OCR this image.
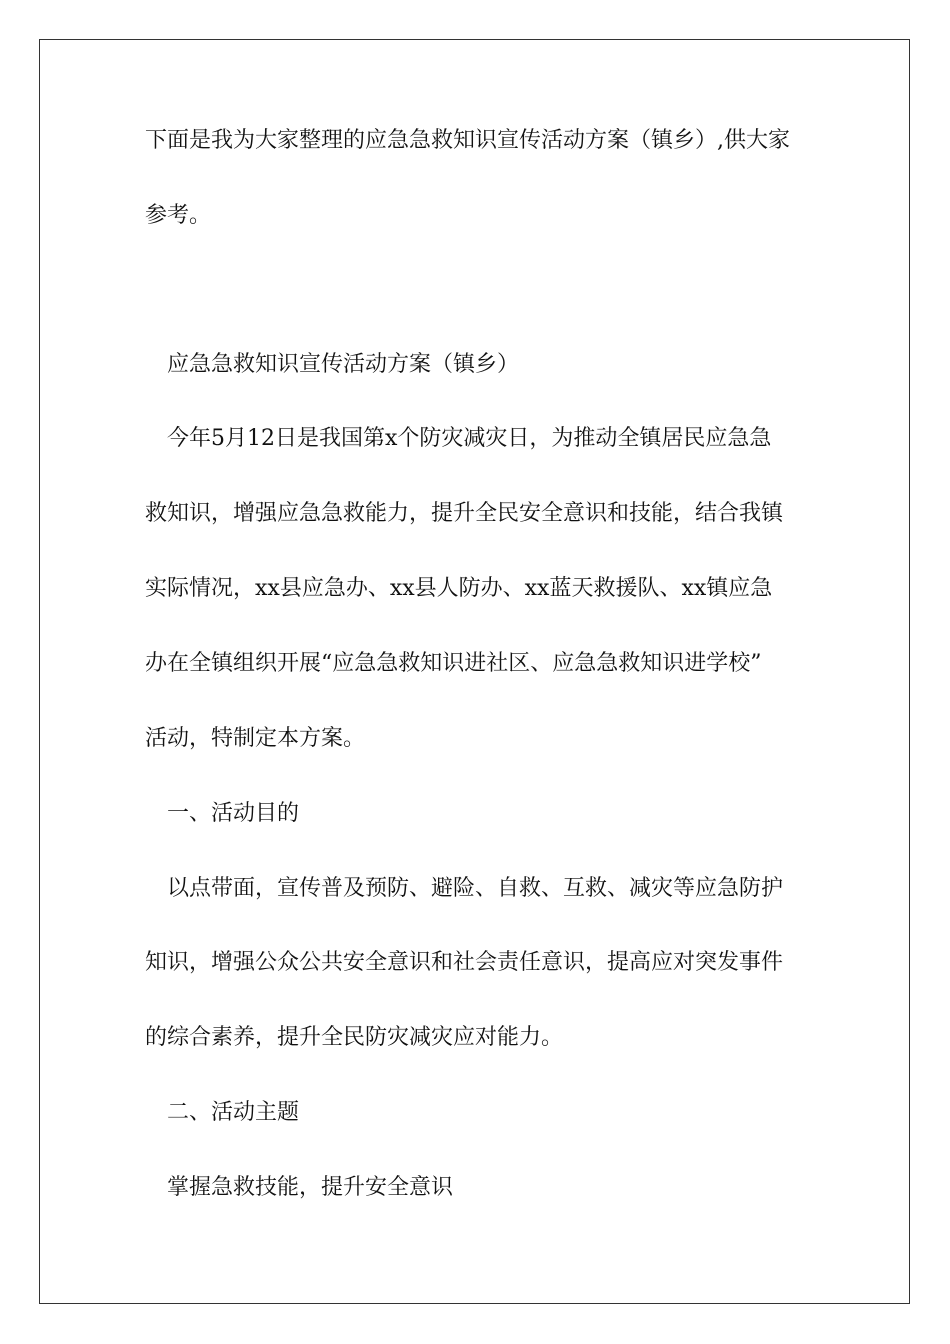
下面是我为大家整理的应急急救知识宣传活动方案（镇乡）,供大家
参考。
应急急救知识宣传活动方案（镇乡）
今年5月12日是我国第x个防灾减灾日，为推动全镇居民应急急
救知识，增强应急急救能力，提升全民安全意识和技能，结合我镇
实际情况，xx县应急办、xx县人防办、xx蓝天救援队、xx镇应急
办在全镇组织开展“应急急救知识进社区、应急急救知识进学校”
活动，特制定本方案。
一、活动目的
以点带面，宣传普及预防、避险、自救、互救、减灾等应急防护
知识，增强公众公共安全意识和社会责任意识，提高应对突发事件
的综合素养，提升全民防灾减灾应对能力。
二、活动主题
掌握急救技能，提升安全意识
